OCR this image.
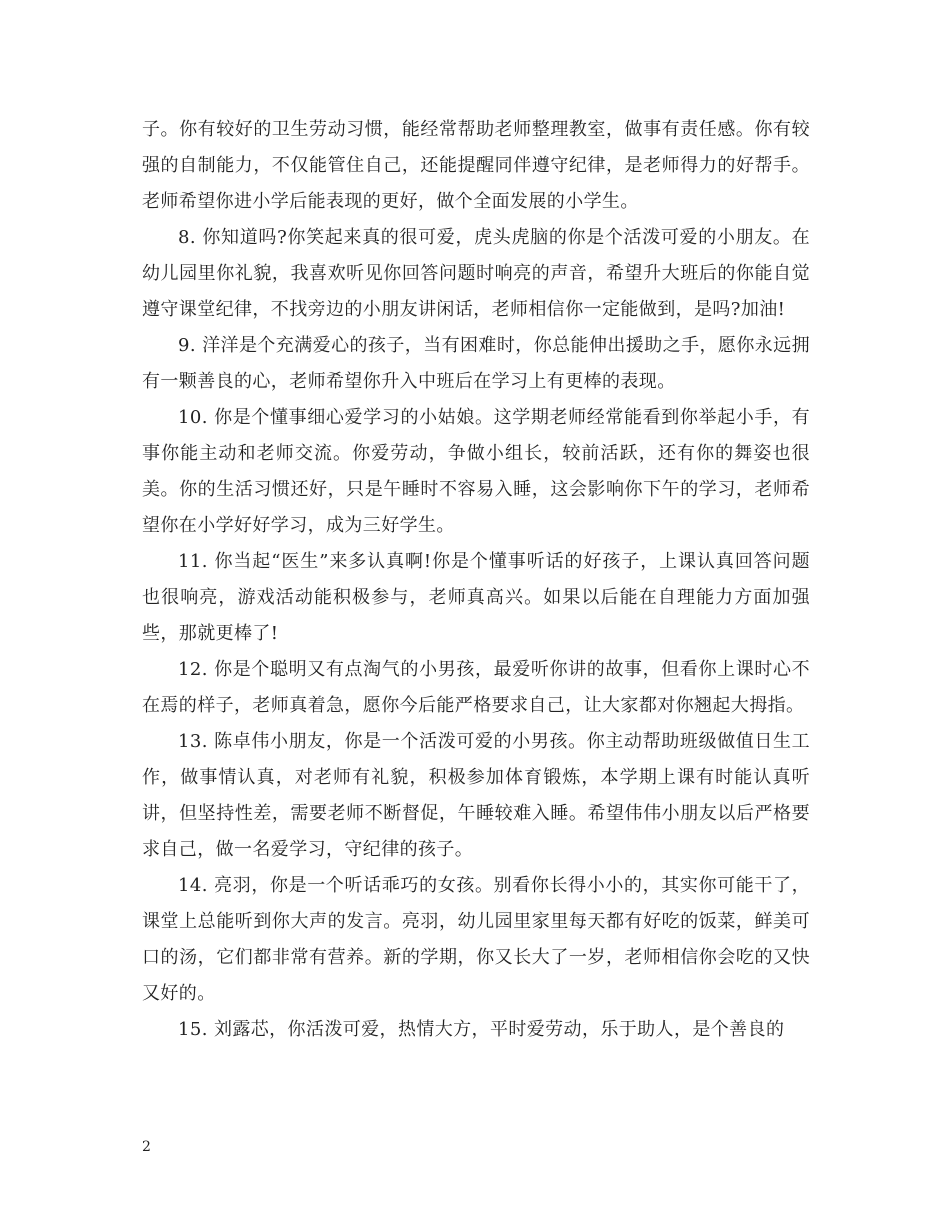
子。你有较好的卫生劳动习惯，能经常帮助老师整理教室，做事有责任感。你有较强的自制能力，不仅能管住自己，还能提醒同伴遵守纪律，是老师得力的好帮手。老师希望你进小学后能表现的更好，做个全面发展的小学生。

8. 你知道吗?你笑起来真的很可爱，虎头虎脑的你是个活泼可爱的小朋友。在幼儿园里你礼貌，我喜欢听见你回答问题时响亮的声音，希望升大班后的你能自觉遵守课堂纪律，不找旁边的小朋友讲闲话，老师相信你一定能做到，是吗?加油!

9. 洋洋是个充满爱心的孩子，当有困难时，你总能伸出援助之手，愿你永远拥有一颗善良的心，老师希望你升入中班后在学习上有更棒的表现。

10. 你是个懂事细心爱学习的小姑娘。这学期老师经常能看到你举起小手，有事你能主动和老师交流。你爱劳动，争做小组长，较前活跃，还有你的舞姿也很美。你的生活习惯还好，只是午睡时不容易入睡，这会影响你下午的学习，老师希望你在小学好好学习，成为三好学生。

11. 你当起“医生”来多认真啊!你是个懂事听话的好孩子，上课认真回答问题也很响亮，游戏活动能积极参与，老师真高兴。如果以后能在自理能力方面加强些，那就更棒了!

12. 你是个聪明又有点淘气的小男孩，最爱听你讲的故事，但看你上课时心不在焉的样子，老师真着急，愿你今后能严格要求自己，让大家都对你翘起大拇指。

13. 陈卓伟小朋友，你是一个活泼可爱的小男孩。你主动帮助班级做值日生工作，做事情认真，对老师有礼貌，积极参加体育锻炼，本学期上课有时能认真听讲，但坚持性差，需要老师不断督促，午睡较难入睡。希望伟伟小朋友以后严格要求自己，做一名爱学习，守纪律的孩子。

14. 亮羽，你是一个听话乖巧的女孩。别看你长得小小的，其实你可能干了，课堂上总能听到你大声的发言。亮羽，幼儿园里家里每天都有好吃的饭菜，鲜美可口的汤，它们都非常有营养。新的学期，你又长大了一岁，老师相信你会吃的又快又好的。

15. 刘露芯，你活泼可爱，热情大方，平时爱劳动，乐于助人，是个善良的

2
